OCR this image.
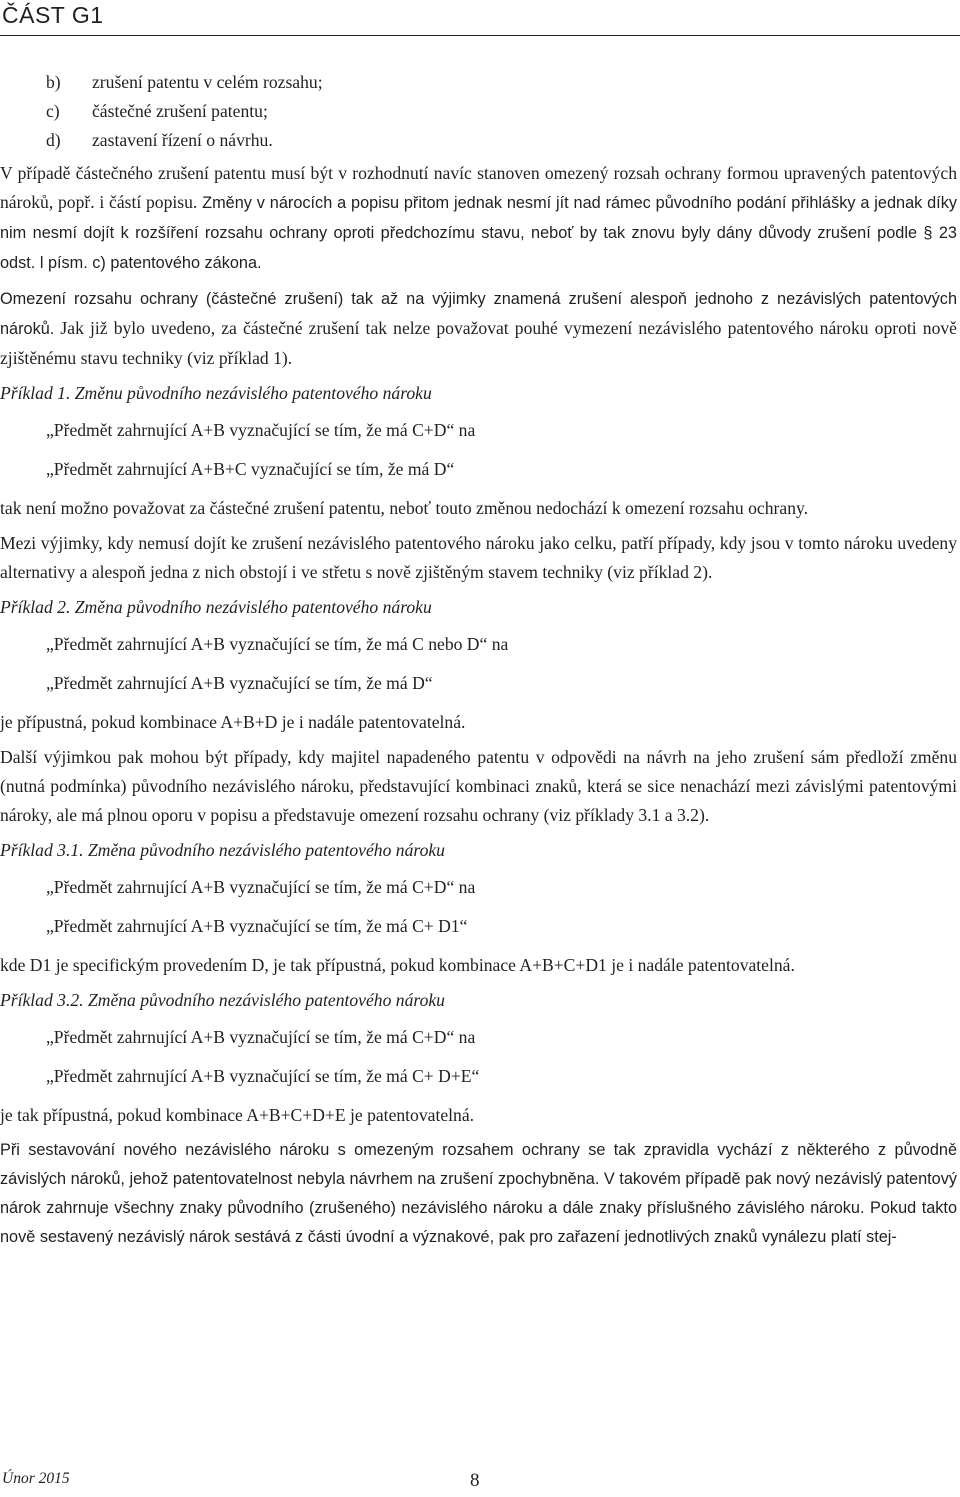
ČÁST G1
b)	zrušení patentu v celém rozsahu;
c)	částečné zrušení patentu;
d)	zastavení řízení o návrhu.

V případě částečného zrušení patentu musí být v rozhodnutí navíc stanoven omezený rozsah ochrany formou upravených patentových nároků, popř. i částí popisu. Změny v nárocích a popisu přitom jednak nesmí jít nad rámec původního podání přihlášky a jednak díky nim nesmí dojít k rozšíření rozsahu ochrany oproti předchozímu stavu, neboť by tak znovu byly dány důvody zrušení podle § 23 odst. l písm. c) patentového zákona.

Omezení rozsahu ochrany (částečné zrušení) tak až na výjimky znamená zrušení alespoň jednoho z nezávislých patentových nároků. Jak již bylo uvedeno, za částečné zrušení tak nelze považovat pouhé vymezení nezávislého patentového nároku oproti nově zjištěnému stavu techniky (viz příklad 1).

Příklad 1. Změnu původního nezávislého patentového nároku

„Předmět zahrnující A+B vyznačující se tím, že má C+D“ na

„Předmět zahrnující A+B+C vyznačující se tím, že má D“

tak není možno považovat za částečné zrušení patentu, neboť touto změnou nedochází k omezení rozsahu ochrany.

Mezi výjimky, kdy nemusí dojít ke zrušení nezávislého patentového nároku jako celku, patří případy, kdy jsou v tomto nároku uvedeny alternativy a alespoň jedna z nich obstojí i ve střetu s nově zjištěným stavem techniky (viz příklad 2).

Příklad 2. Změna původního nezávislého patentového nároku

„Předmět zahrnující A+B vyznačující se tím, že má C nebo D“ na

„Předmět zahrnující A+B vyznačující se tím, že má D“

je přípustná, pokud kombinace A+B+D je i nadále patentovatelná.

Další výjimkou pak mohou být případy, kdy majitel napadeného patentu v odpovědi na návrh na jeho zrušení sám předloží změnu (nutná podmínka) původního nezávislého nároku, představující kombinaci znaků, která se sice nenachází mezi závislými patentovými nároky, ale má plnou oporu v popisu a představuje omezení rozsahu ochrany (viz příklady 3.1 a 3.2).

Příklad 3.1. Změna původního nezávislého patentového nároku

„Předmět zahrnující A+B vyznačující se tím, že má C+D“ na

„Předmět zahrnující A+B vyznačující se tím, že má C+ D1“

kde D1 je specifickým provedením D, je tak přípustná, pokud kombinace A+B+C+D1 je i nadále patentovatelná.

Příklad 3.2. Změna původního nezávislého patentového nároku

„Předmět zahrnující A+B vyznačující se tím, že má C+D“ na

„Předmět zahrnující A+B vyznačující se tím, že má C+ D+E“

je tak přípustná, pokud kombinace A+B+C+D+E je patentovatelná.

Při sestavování nového nezávislého nároku s omezeným rozsahem ochrany se tak zpravidla vychází z některého z původně závislých nároků, jehož patentovatelnost nebyla návrhem na zrušení zpochybněna. V takovém případě pak nový nezávislý patentový nárok zahrnuje všechny znaky původního (zrušeného) nezávislého nároku a dále znaky příslušného závislého nároku. Pokud takto nově sestavený nezávislý nárok sestává z části úvodní a význakové, pak pro zařazení jednotlivých znaků vynálezu platí stej-

Únor 2015	8
